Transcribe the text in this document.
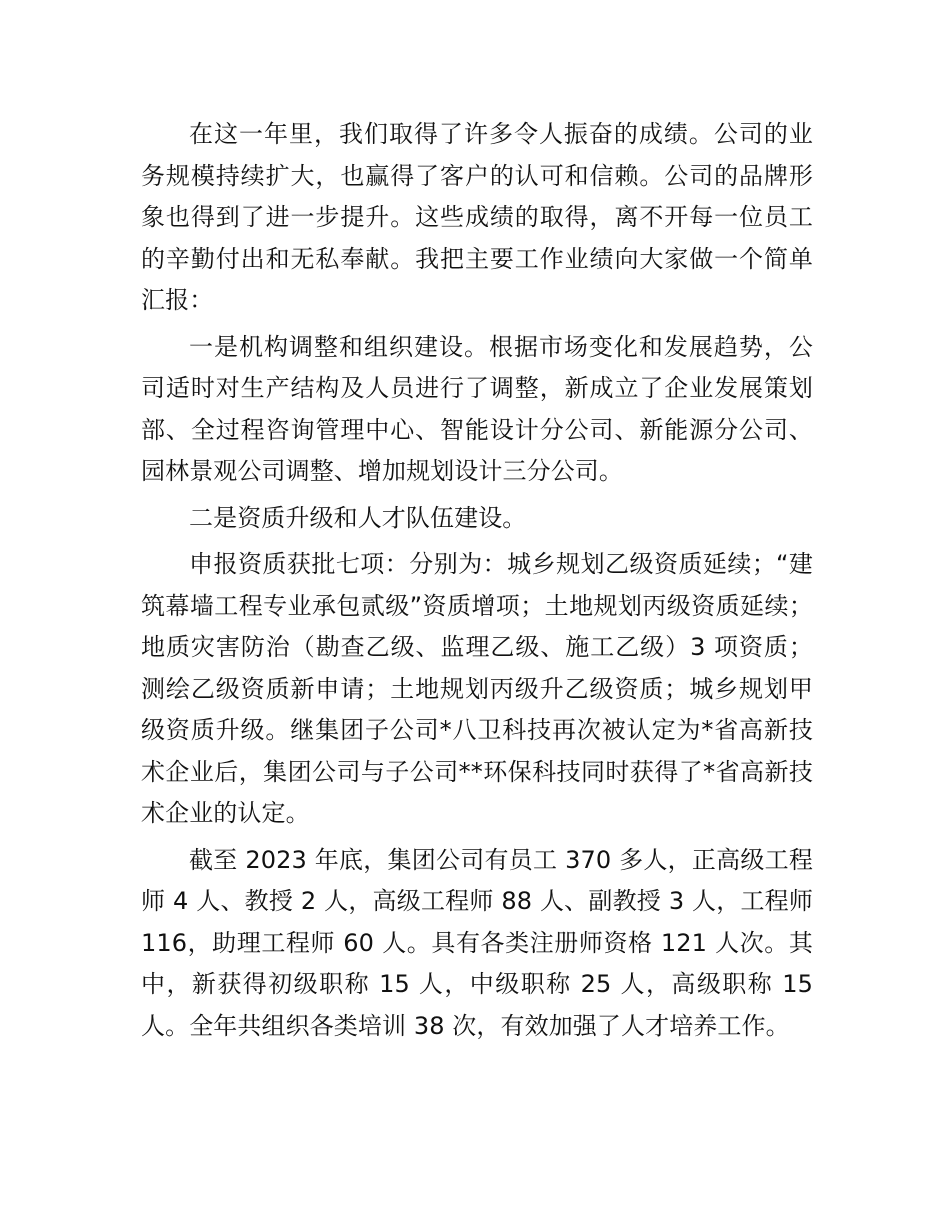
在这一年里，我们取得了许多令人振奋的成绩。公司的业务规模持续扩大，也赢得了客户的认可和信赖。公司的品牌形象也得到了进一步提升。这些成绩的取得，离不开每一位员工的辛勤付出和无私奉献。我把主要工作业绩向大家做一个简单汇报：

一是机构调整和组织建设。根据市场变化和发展趋势，公司适时对生产结构及人员进行了调整，新成立了企业发展策划部、全过程咨询管理中心、智能设计分公司、新能源分公司、园林景观公司调整、增加规划设计三分公司。

二是资质升级和人才队伍建设。

申报资质获批七项：分别为：城乡规划乙级资质延续；“建筑幕墙工程专业承包贰级”资质增项；土地规划丙级资质延续；地质灾害防治（勘查乙级、监理乙级、施工乙级）3 项资质；测绘乙级资质新申请；土地规划丙级升乙级资质；城乡规划甲级资质升级。继集团子公司*八卫科技再次被认定为*省高新技术企业后，集团公司与子公司**环保科技同时获得了*省高新技术企业的认定。

截至 2023 年底，集团公司有员工 370 多人，正高级工程师 4 人、教授 2 人，高级工程师 88 人、副教授 3 人，工程师 116，助理工程师 60 人。具有各类注册师资格 121 人次。其中，新获得初级职称 15 人，中级职称 25 人，高级职称 15 人。全年共组织各类培训 38 次，有效加强了人才培养工作。
